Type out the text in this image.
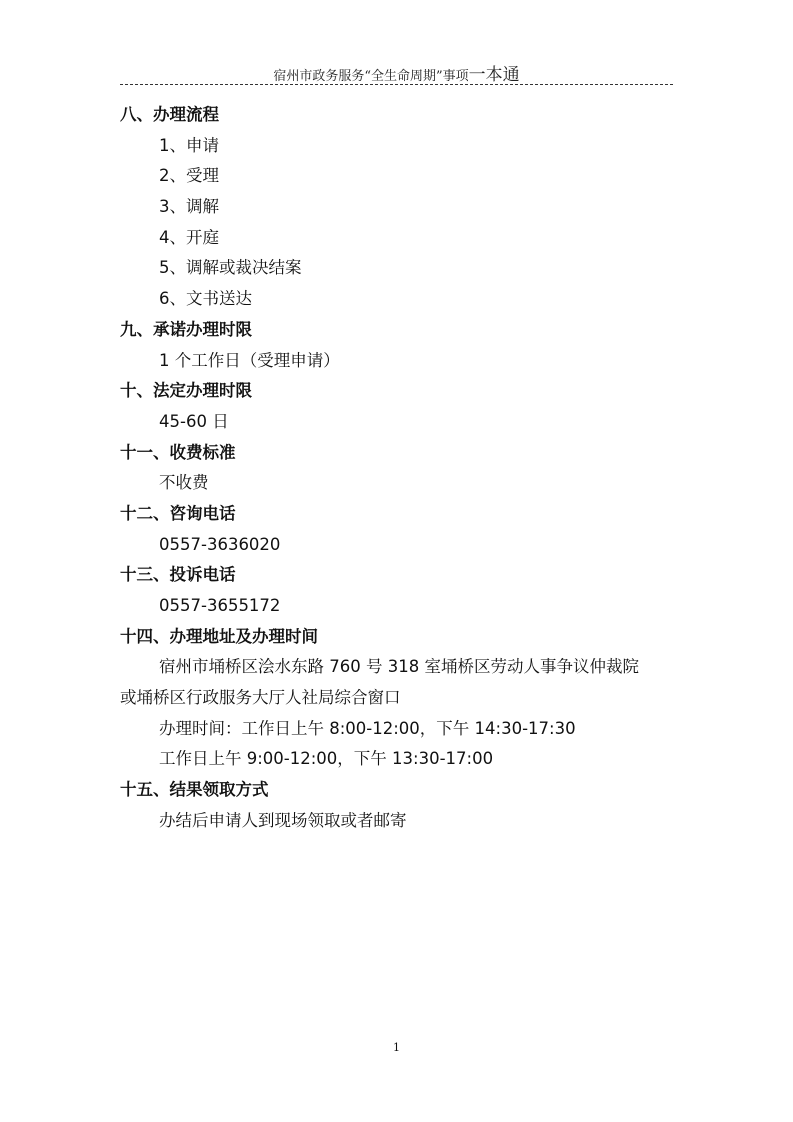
宿州市政务服务“全生命周期”事项一本通
八、办理流程
1、申请
2、受理
3、调解
4、开庭
5、调解或裁决结案
6、文书送达
九、承诺办理时限
1 个工作日（受理申请）
十、法定办理时限
45-60 日
十一、收费标准
不收费
十二、咨询电话
0557-3636020
十三、投诉电话
0557-3655172
十四、办理地址及办理时间
宿州市埇桥区浍水东路 760 号 318 室埇桥区劳动人事争议仲裁院
或埇桥区行政服务大厅人社局综合窗口
办理时间：工作日上午 8:00-12:00，下午 14:30-17:30
工作日上午 9:00-12:00，下午 13:30-17:00
十五、结果领取方式
办结后申请人到现场领取或者邮寄
1
